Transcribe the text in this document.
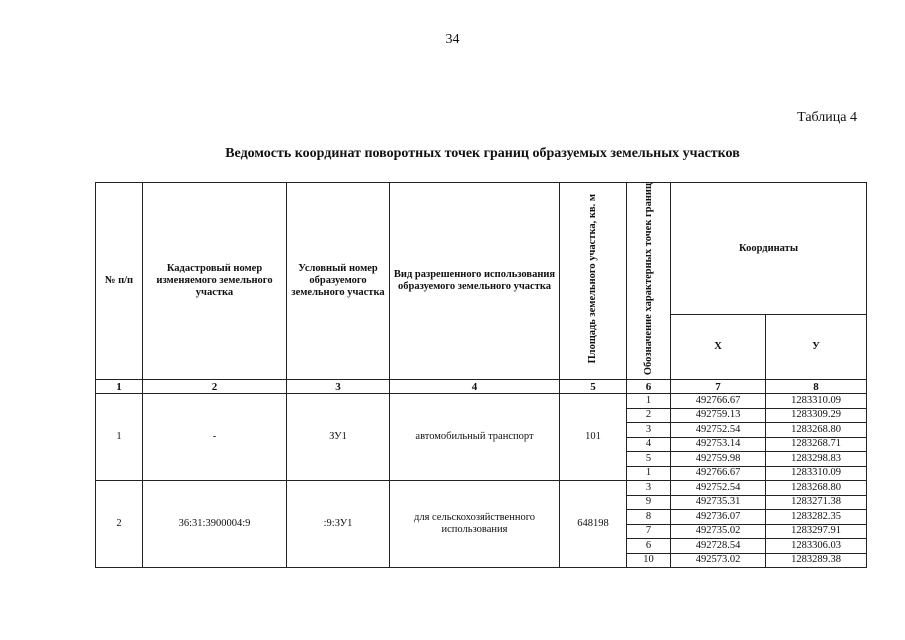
34
Таблица 4
Ведомость координат поворотных точек границ образуемых земельных участков
№ п/п	Кадастровый номер изменяемого земельного участка	Условный номер образуемого земельного участка	Вид разрешенного использования образуемого земельного участка	Площадь земельного участка, кв. м	Обозначение характерных точек границ	Координаты	
						Х	У
1	2	3	4	5	6	7	8
1	-	ЗУ1	автомобильный транспорт	101	1	492766.67	1283310.09
					2	492759.13	1283309.29
					3	492752.54	1283268.80
					4	492753.14	1283268.71
					5	492759.98	1283298.83
					1	492766.67	1283310.09
2	36:31:3900004:9	:9:ЗУ1	для сельскохозяйственного использования	648198	3	492752.54	1283268.80
					9	492735.31	1283271.38
					8	492736.07	1283282.35
					7	492735.02	1283297.91
					6	492728.54	1283306.03
					10	492573.02	1283289.38
